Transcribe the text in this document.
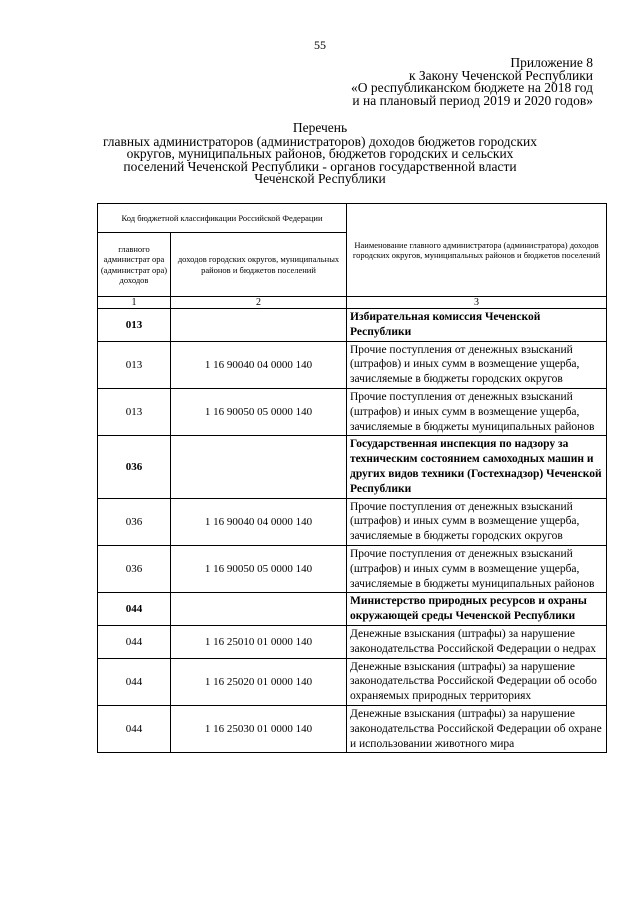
55
Приложение 8
к Закону Чеченской Республики
«О республиканском бюджете на 2018 год
и на плановый период 2019 и 2020 годов»
Перечень
главных администраторов (администраторов) доходов бюджетов городских
округов, муниципальных районов, бюджетов городских и сельских
поселений Чеченской Республики - органов государственной власти
Чеченской Республики
Код бюджетной классификации Российской Федерации		Наименование главного администратора (администратора) доходов городских округов, муниципальных районов и бюджетов поселений
главного администрат ора (администрат ора) доходов	доходов городских округов, муниципальных районов и бюджетов поселений	
1	2	3
013		Избирательная комиссия Чеченской Республики
013	1 16 90040 04 0000 140	Прочие поступления от денежных взысканий (штрафов) и иных сумм в возмещение ущерба, зачисляемые в бюджеты городских округов
013	1 16 90050 05 0000 140	Прочие поступления от денежных взысканий (штрафов) и иных сумм в возмещение ущерба, зачисляемые в бюджеты муниципальных районов
036		Государственная инспекция по надзору за техническим состоянием самоходных машин и других видов техники (Гостехнадзор) Чеченской Республики
036	1 16 90040 04 0000 140	Прочие поступления от денежных взысканий (штрафов) и иных сумм в возмещение ущерба, зачисляемые в бюджеты городских округов
036	1 16 90050 05 0000 140	Прочие поступления от денежных взысканий (штрафов) и иных сумм в возмещение ущерба, зачисляемые в бюджеты муниципальных районов
044		Министерство природных ресурсов и охраны окружающей среды Чеченской Республики
044	1 16 25010 01 0000 140	Денежные взыскания (штрафы) за нарушение законодательства Российской Федерации о недрах
044	1 16 25020 01 0000 140	Денежные взыскания (штрафы) за нарушение законодательства Российской Федерации об особо охраняемых природных территориях
044	1 16 25030 01 0000 140	Денежные взыскания (штрафы) за нарушение законодательства Российской Федерации об охране и использовании животного мира
